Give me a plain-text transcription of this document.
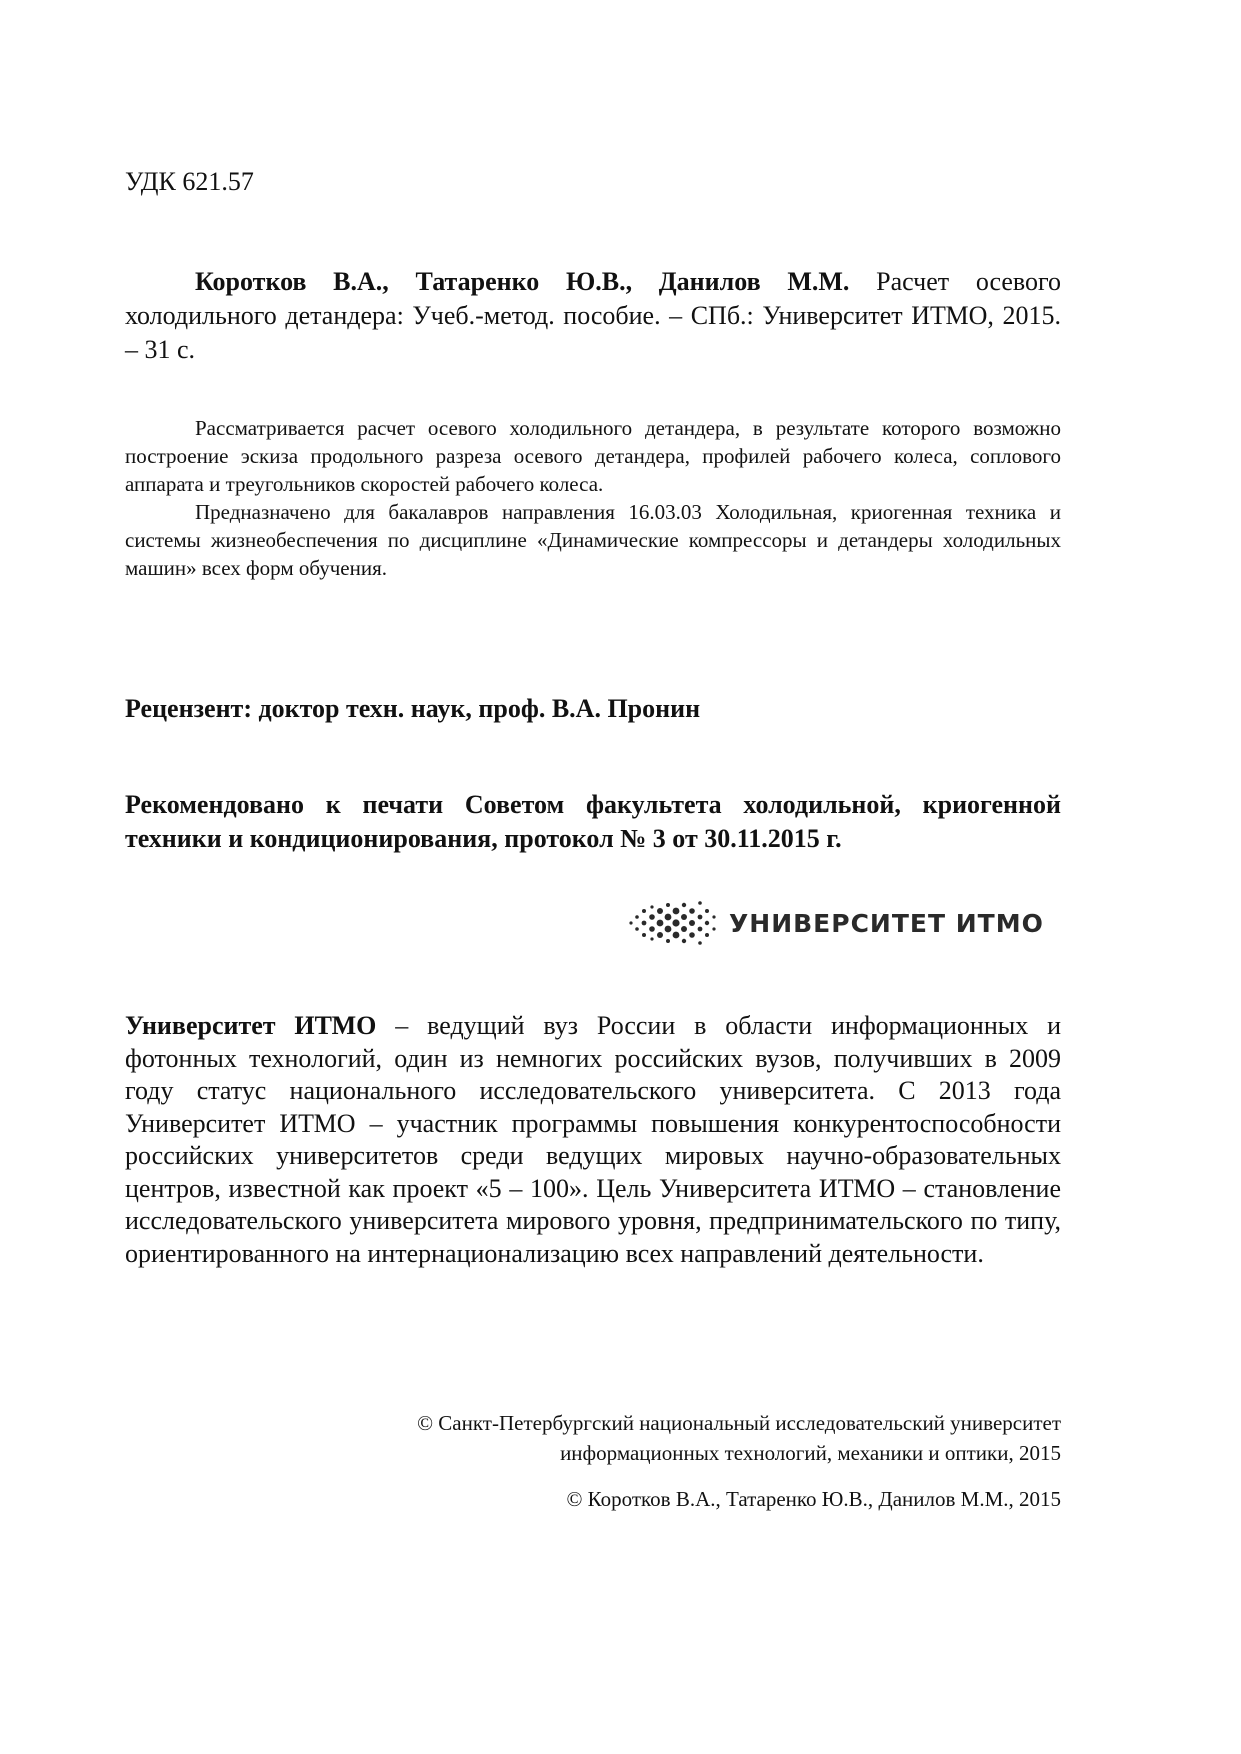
УДК 621.57
Коротков В.А., Татаренко Ю.В., Данилов М.М. Расчет осевого холодильного детандера: Учеб.-метод. пособие. – СПб.: Университет ИТМО, 2015. – 31 с.

Рассматривается расчет осевого холодильного детандера, в результате которого возможно построение эскиза продольного разреза осевого детандера, профилей рабочего колеса, соплового аппарата и треугольников скоростей рабочего колеса.

Предназначено для бакалавров направления 16.03.03 Холодильная, криогенная техника и системы жизнеобеспечения по дисциплине «Динамические компрессоры и детандеры холодильных машин» всех форм обучения.

Рецензент: доктор техн. наук, проф. В.А. Пронин
Рекомендовано к печати Советом факультета холодильной, криогенной техники и кондиционирования, протокол № 3 от 30.11.2015 г.
УНИВЕРСИТЕТ ИТМО
Университет ИТМО – ведущий вуз России в области информационных и фотонных технологий, один из немногих российских вузов, получивших в 2009 году статус национального исследовательского университета. С 2013 года Университет ИТМО – участник программы повышения конкурентоспособности российских университетов среди ведущих мировых научно-образовательных центров, известной как проект «5 – 100». Цель Университета ИТМО – становление исследовательского университета мирового уровня, предпринимательского по типу, ориентированного на интернационализацию всех направлений деятельности.
© Санкт-Петербургский национальный исследовательский университет
информационных технологий, механики и оптики, 2015
© Коротков В.А., Татаренко Ю.В., Данилов М.М., 2015
